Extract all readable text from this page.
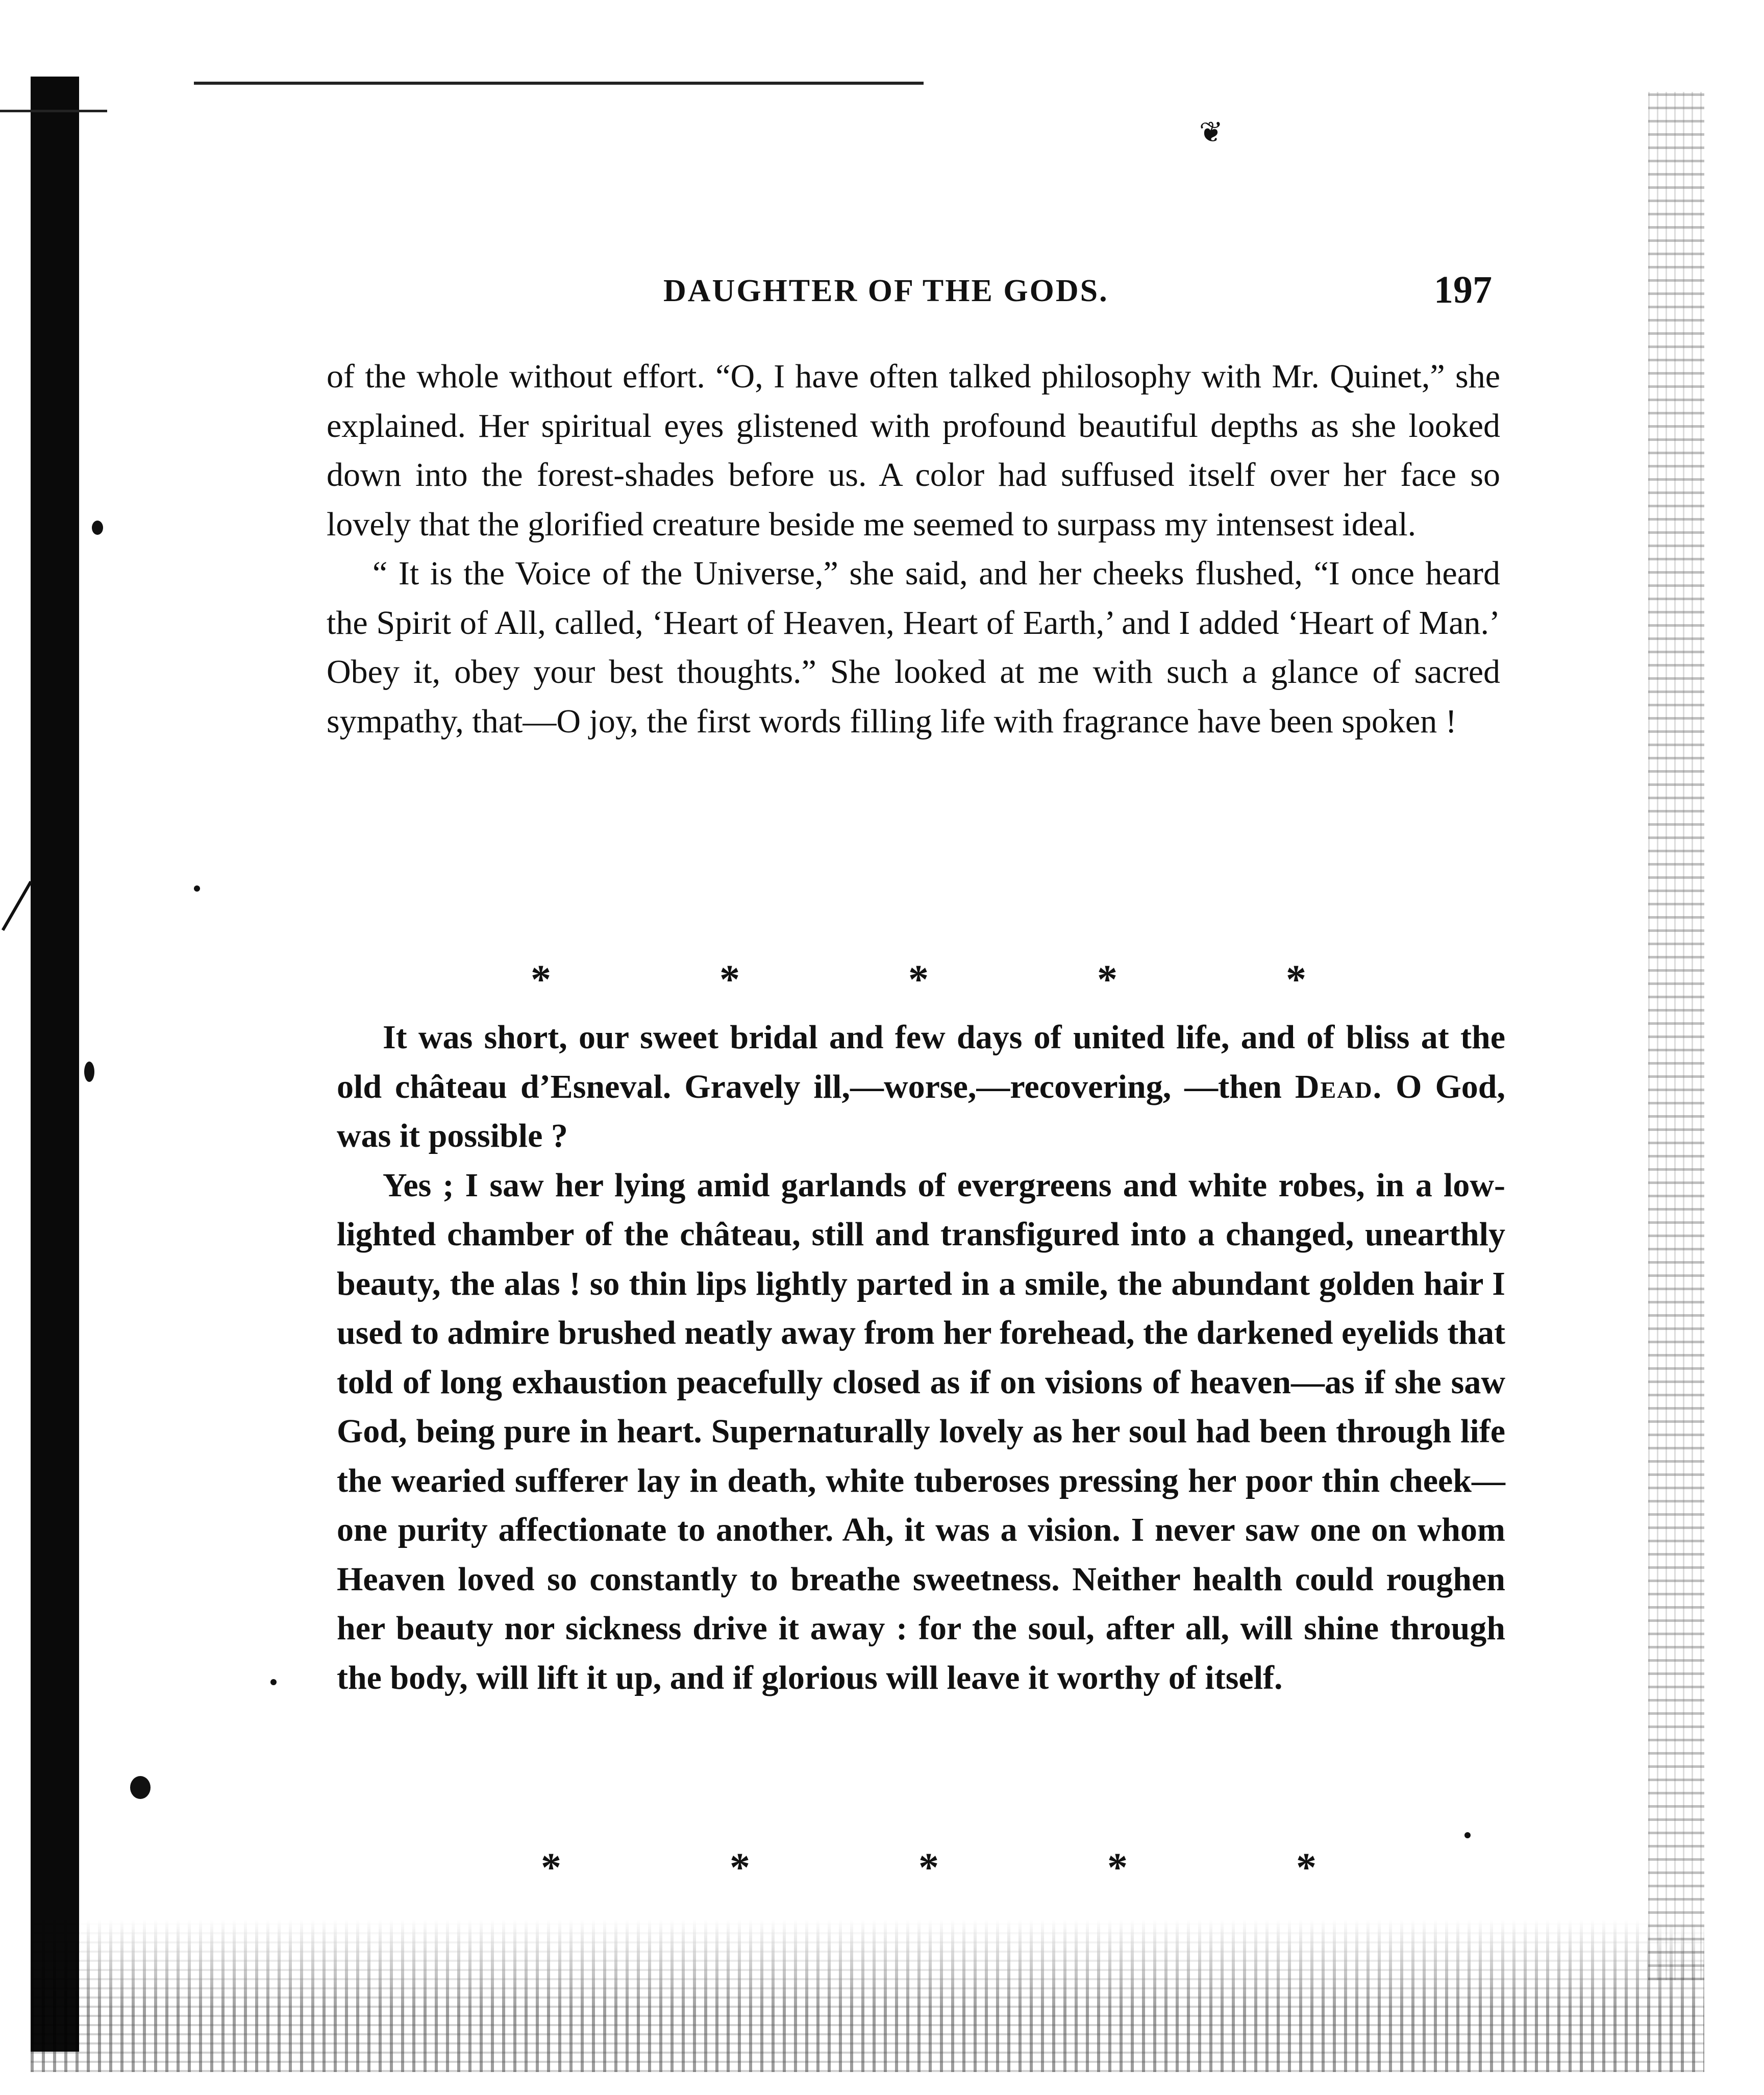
❦
DAUGHTER OF THE GODS.	197

of the whole without effort. “O, I have often talked philosophy with Mr. Quinet,” she explained. Her spiritual eyes glistened with profound beautiful depths as she looked down into the forest-shades before us. A color had suffused itself over her face so lovely that the glorified creature beside me seemed to surpass my intensest ideal.

“ It is the Voice of the Universe,” she said, and her cheeks flushed, “I once heard the Spirit of All, called, ‘Heart of Heaven, Heart of Earth,’ and I added ‘Heart of Man.’ Obey it, obey your best thoughts.” She looked at me with such a glance of sacred sympathy, that—O joy, the first words filling life with fragrance have been spoken !

*	*	*	*	*

It was short, our sweet bridal and few days of united life, and of bliss at the old château d’Esneval. Gravely ill,—worse,—recovering, —then Dead. O God, was it possible ?

Yes ; I saw her lying amid garlands of evergreens and white robes, in a low-lighted chamber of the château, still and transfigured into a changed, unearthly beauty, the alas ! so thin lips lightly parted in a smile, the abundant golden hair I used to admire brushed neatly away from her forehead, the darkened eyelids that told of long exhaustion peacefully closed as if on visions of heaven—as if she saw God, being pure in heart. Supernaturally lovely as her soul had been through life the wearied sufferer lay in death, white tuberoses pressing her poor thin cheek—one purity affectionate to another. Ah, it was a vision. I never saw one on whom Heaven loved so constantly to breathe sweetness. Neither health could roughen her beauty nor sickness drive it away : for the soul, after all, will shine through the body, will lift it up, and if glorious will leave it worthy of itself.

*	*	*	*	*
